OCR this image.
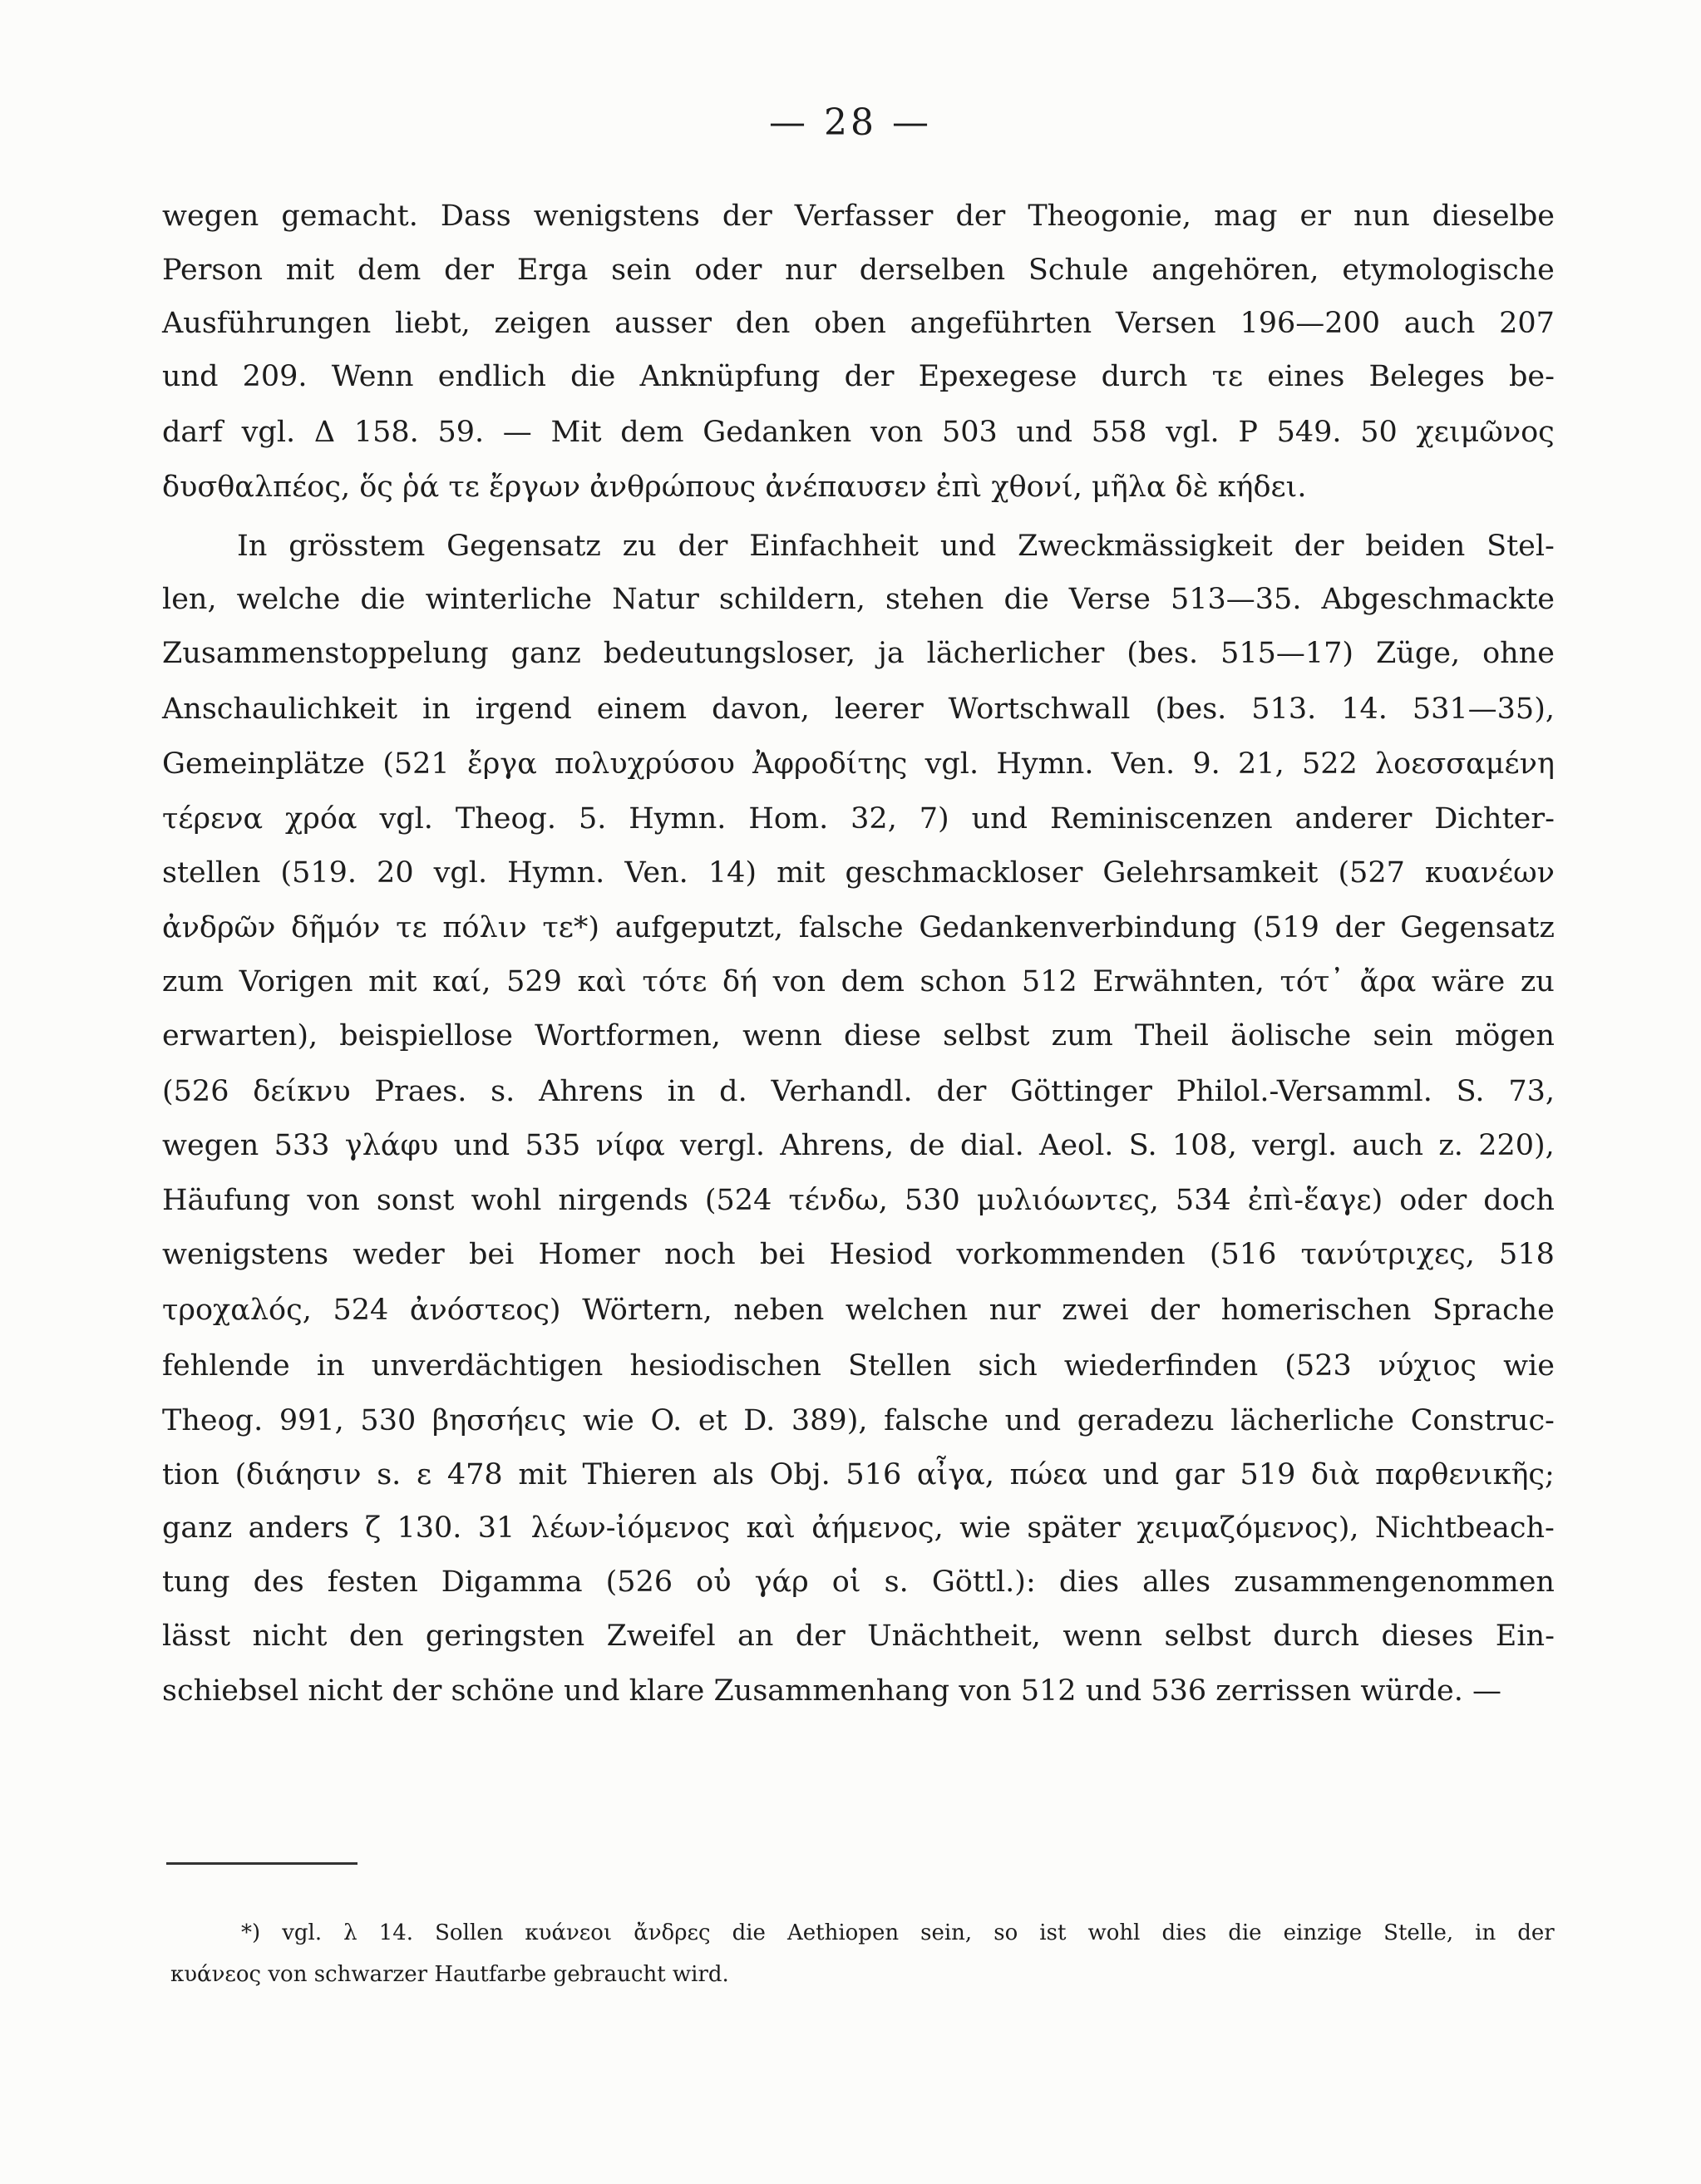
— 28 —
wegen gemacht. Dass wenigstens der Verfasser der Theogonie, mag er nun dieselbe
Person mit dem der Erga sein oder nur derselben Schule angehören, etymologische
Ausführungen liebt, zeigen ausser den oben angeführten Versen 196—200 auch 207
und 209. Wenn endlich die Anknüpfung der Epexegese durch τε eines Beleges be-
darf vgl. Δ 158. 59. — Mit dem Gedanken von 503 und 558 vgl. P 549. 50 χειμῶνος
δυσθαλπέος, ὅς ῥά τε ἔργων ἀνθρώπους ἀνέπαυσεν ἐπὶ χθονί, μῆλα δὲ κήδει.
In grösstem Gegensatz zu der Einfachheit und Zweckmässigkeit der beiden Stel-
len, welche die winterliche Natur schildern, stehen die Verse 513—35. Abgeschmackte
Zusammenstoppelung ganz bedeutungsloser, ja lächerlicher (bes. 515—17) Züge, ohne
Anschaulichkeit in irgend einem davon, leerer Wortschwall (bes. 513. 14. 531—35),
Gemeinplätze (521 ἔργα πολυχρύσου Ἀφροδίτης vgl. Hymn. Ven. 9. 21, 522 λοεσσαμένη
τέρενα χρόα vgl. Theog. 5. Hymn. Hom. 32, 7) und Reminiscenzen anderer Dichter-
stellen (519. 20 vgl. Hymn. Ven. 14) mit geschmackloser Gelehrsamkeit (527 κυανέων
ἀνδρῶν δῆμόν τε πόλιν τε*) aufgeputzt, falsche Gedankenverbindung (519 der Gegensatz
zum Vorigen mit καί, 529 καὶ τότε δή von dem schon 512 Erwähnten, τότ᾽ ἄρα wäre zu
erwarten), beispiellose Wortformen, wenn diese selbst zum Theil äolische sein mögen
(526 δείκνυ Praes. s. Ahrens in d. Verhandl. der Göttinger Philol.-Versamml. S. 73,
wegen 533 γλάφυ und 535 νίφα vergl. Ahrens, de dial. Aeol. S. 108, vergl. auch z. 220),
Häufung von sonst wohl nirgends (524 τένδω, 530 μυλιόωντες, 534 ἐπὶ-ἕαγε) oder doch
wenigstens weder bei Homer noch bei Hesiod vorkommenden (516 τανύτριχες, 518
τροχαλός, 524 ἀνόστεος) Wörtern, neben welchen nur zwei der homerischen Sprache
fehlende in unverdächtigen hesiodischen Stellen sich wiederfinden (523 νύχιος wie
Theog. 991, 530 βησσήεις wie O. et D. 389), falsche und geradezu lächerliche Construc-
tion (διάησιν s. ε 478 mit Thieren als Obj. 516 αἶγα, πώεα und gar 519 διὰ παρθενικῆς;
ganz anders ζ 130. 31 λέων-ἰόμενος καὶ ἀήμενος, wie später χειμαζόμενος), Nichtbeach-
tung des festen Digamma (526 οὐ γάρ οἱ s. Göttl.): dies alles zusammengenommen
lässt nicht den geringsten Zweifel an der Unächtheit, wenn selbst durch dieses Ein-
schiebsel nicht der schöne und klare Zusammenhang von 512 und 536 zerrissen würde. —
*) vgl. λ 14. Sollen κυάνεοι ἄνδρες die Aethiopen sein, so ist wohl dies die einzige Stelle, in der
κυάνεος von schwarzer Hautfarbe gebraucht wird.
